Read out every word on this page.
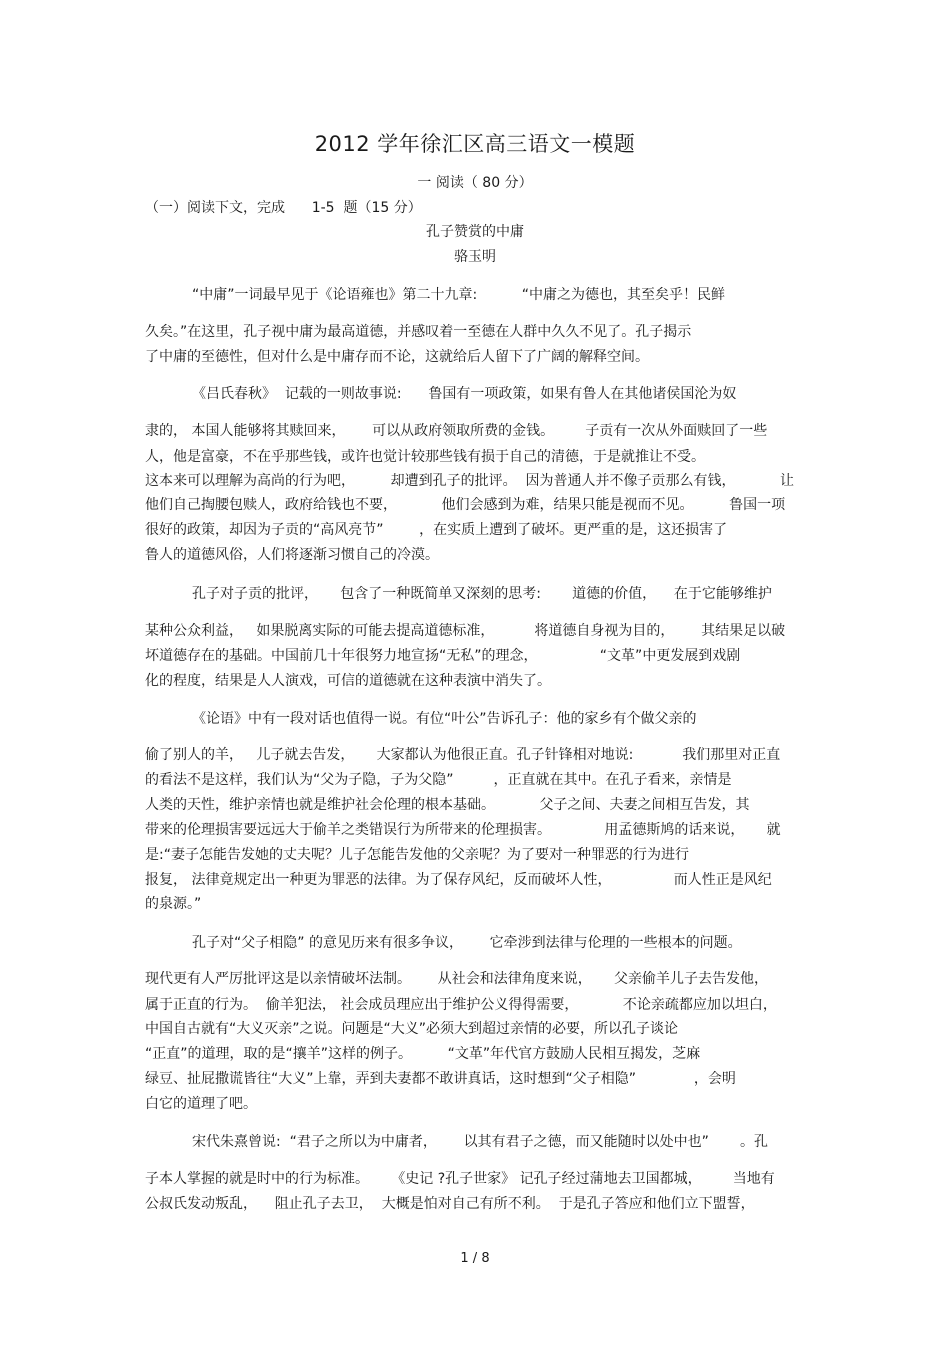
2012 学年徐汇区高三语文一模题
一 阅读（ 80 分）
（一）阅读下文，完成      1-5  题（15 分）
孔子赞赏的中庸
骆玉明
“中庸”一词最早见于《论语雍也》第二十九章:          “中庸之为德也，其至矣乎！民鲜
久矣。”在这里，孔子视中庸为最高道德，并感叹着一至德在人群中久久不见了。孔子揭示
了中庸的至德性，但对什么是中庸存而不论，这就给后人留下了广阔的解释空间。
《吕氏春秋》  记载的一则故事说:      鲁国有一项政策，如果有鲁人在其他诸侯国沦为奴
隶的， 本国人能够将其赎回来，      可以从政府领取所费的金钱。       子贡有一次从外面赎回了一些
人，他是富豪，不在乎那些钱，或许也觉计较那些钱有损于自己的清德，于是就推让不受。
这本来可以理解为高尚的行为吧，        却遭到孔子的批评。  因为普通人并不像子贡那么有钱，          让
他们自己掏腰包赎人，政府给钱也不要，          他们会感到为难，结果只能是视而不见。        鲁国一项
很好的政策，却因为子贡的“高风亮节”        ，在实质上遭到了破坏。更严重的是，这还损害了
鲁人的道德风俗，人们将逐渐习惯自己的冷漠。
孔子对子贡的批评，     包含了一种既简单又深刻的思考:       道德的价值，    在于它能够维护
某种公众利益，   如果脱离实际的可能去提高道德标准，         将道德自身视为目的，      其结果足以破
坏道德存在的基础。中国前几十年很努力地宣扬“无私”的理念，              “文革”中更发展到戏剧
化的程度，结果是人人演戏，可信的道德就在这种表演中消失了。
《论语》中有一段对话也值得一说。有位“叶公”告诉孔子：他的家乡有个做父亲的
偷了别人的羊，   儿子就去告发，     大家都认为他很正直。孔子针锋相对地说:           我们那里对正直
的看法不是这样，我们认为“父为子隐，子为父隐”         ，正直就在其中。在孔子看来，亲情是
人类的天性，维护亲情也就是维护社会伦理的根本基础。          父子之间、夫妻之间相互告发，其
带来的伦理损害要远远大于偷羊之类错误行为所带来的伦理损害。            用孟德斯鸠的话来说，     就
是:“妻子怎能告发她的丈夫呢？儿子怎能告发他的父亲呢？为了要对一种罪恶的行为进行
报复， 法律竟规定出一种更为罪恶的法律。为了保存风纪，反而破坏人性，              而人性正是风纪
的泉源。”
孔子对“父子相隐” 的意见历来有很多争议，      它牵涉到法律与伦理的一些根本的问题。
现代更有人严厉批评这是以亲情破坏法制。      从社会和法律角度来说，     父亲偷羊儿子去告发他，
属于正直的行为。  偷羊犯法， 社会成员理应出于维护公义得得需要，          不论亲疏都应加以坦白，
中国自古就有“大义灭亲”之说。问题是“大义”必须大到超过亲情的必要，所以孔子谈论
“正直”的道理，取的是“攘羊”这样的例子。        “文革”年代官方鼓励人民相互揭发，芝麻
绿豆、扯屁撒谎皆往“大义”上靠，弄到夫妻都不敢讲真话，这时想到“父子相隐”             ，会明
白它的道理了吧。
宋代朱熹曾说:  “君子之所以为中庸者，      以其有君子之德，而又能随时以处中也”       。孔
子本人掌握的就是时中的行为标准。     《史记 ?孔子世家》 记孔子经过蒲地去卫国都城，       当地有
公叔氏发动叛乱，    阻止孔子去卫，  大概是怕对自己有所不利。  于是孔子答应和他们立下盟誓，
1 / 8
